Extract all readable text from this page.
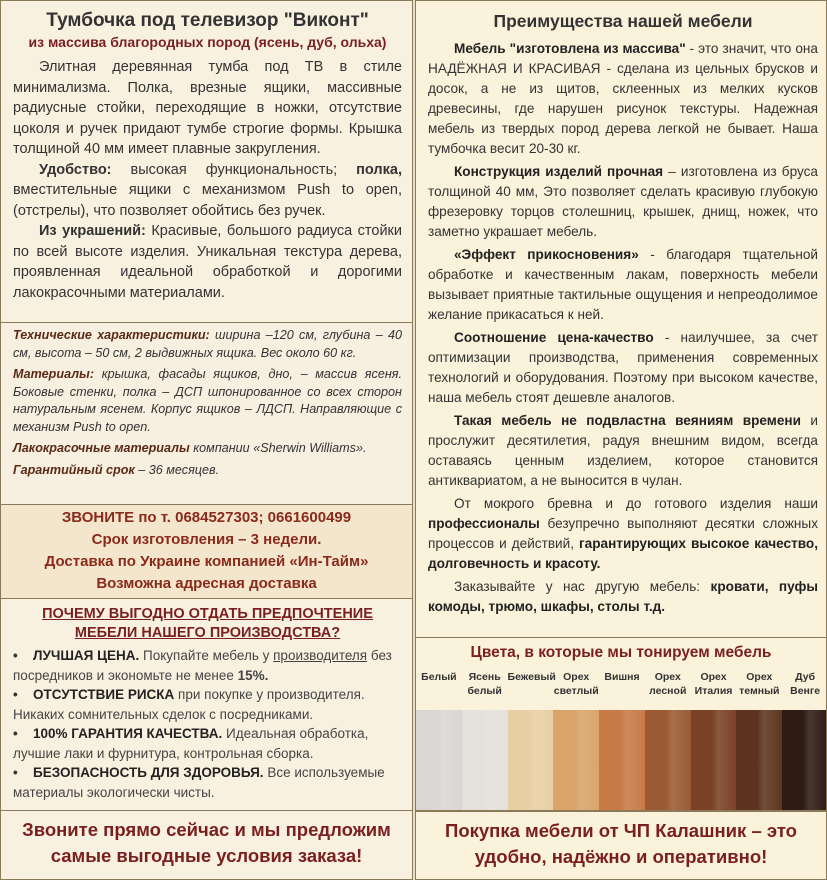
Тумбочка под телевизор "Виконт"
из массива благородных пород (ясень, дуб, ольха)

Элитная деревянная тумба под ТВ в стиле минимализма. Полка, врезные ящики, массивные радиусные стойки, переходящие в ножки, отсутствие цоколя и ручек придают тумбе строгие формы. Крышка толщиной 40 мм имеет плавные закругления.

Удобство: высокая функциональность; полка, вместительные ящики с механизмом Push to open, (отстрелы), что позволяет обойтись без ручек.

Из украшений: Красивые, большого радиуса стойки по всей высоте изделия. Уникальная текстура дерева, проявленная идеальной обработкой и дорогими лакокрасочными материалами.

Технические характеристики: ширина –120 см, глубина – 40 см, высота – 50 см, 2 выдвижных ящика. Вес около 60 кг.

Материалы: крышка, фасады ящиков, дно, – массив ясеня. Боковые стенки, полка – ДСП шпонированное со всех сторон натуральным ясенем. Корпус ящиков – ЛДСП. Направляющие с механизм Push to open.

Лакокрасочные материалы компании «Sherwin Williams».

Гарантийный срок – 36 месяцев.

ЗВОНИТЕ по т. 0684527303; 0661600499
Срок изготовления – 3 недели.
Доставка по Украине компанией «Ин-Тайм»
Возможна адресная доставка
ПОЧЕМУ ВЫГОДНО ОТДАТЬ ПРЕДПОЧТЕНИЕ
МЕБЕЛИ НАШЕГО ПРОИЗВОДСТВА?
• ЛУЧШАЯ ЦЕНА. Покупайте мебель у производителя без посредников и экономьте не менее 15%.
• ОТСУТСТВИЕ РИСКА при покупке у производителя. Никаких сомнительных сделок с посредниками.
• 100% ГАРАНТИЯ КАЧЕСТВА. Идеальная обработка, лучшие лаки и фурнитура, контрольная сборка.
• БЕЗОПАСНОСТЬ ДЛЯ ЗДОРОВЬЯ. Все используемые материалы экологически чисты.
Звоните прямо сейчас и мы предложим
самые выгодные условия заказа!
Преимущества нашей мебели

Мебель "изготовлена из массива" - это значит, что она НАДЁЖНАЯ И КРАСИВАЯ - сделана из цельных брусков и досок, а не из щитов, склеенных из мелких кусков древесины, где нарушен рисунок текстуры. Надежная мебель из твердых пород дерева легкой не бывает. Наша тумбочка весит 20-30 кг.

Конструкция изделий прочная – изготовлена из бруса толщиной 40 мм, Это позволяет сделать красивую глубокую фрезеровку торцов столешниц, крышек, днищ, ножек, что заметно украшает мебель.

«Эффект прикосновения» - благодаря тщательной обработке и качественным лакам, поверхность мебели вызывает приятные тактильные ощущения и непреодолимое желание прикасаться к ней.

Соотношение цена-качество - наилучшее, за счет оптимизации производства, применения современных технологий и оборудования. Поэтому при высоком качестве, наша мебель стоят дешевле аналогов.

Такая мебель не подвластна веяниям времени и прослужит десятилетия, радуя внешним видом, всегда оставаясь ценным изделием, которое становится антиквариатом, а не выносится в чулан.

От мокрого бревна и до готового изделия наши профессионалы безупречно выполняют десятки сложных процессов и действий, гарантирующих высокое качество, долговечность и красоту.

Заказывайте у нас другую мебель: кровати, пуфы комоды, трюмо, шкафы, столы т.д.

Цвета, в которые мы тонируем мебель
Белый	Ясень белый
Бежевый Орех светлый
Вишня	Орех лесной
Орех Италия
Орех темный
Дуб Венге
Покупка мебели от ЧП Калашник – это
удобно, надёжно и оперативно!
